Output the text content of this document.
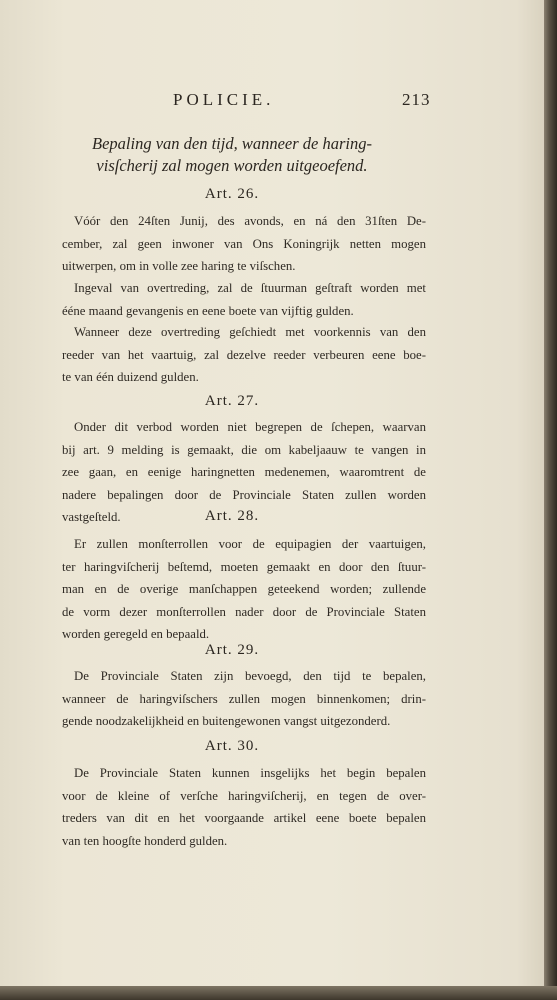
POLICIE.	213
Bepaling van den tijd, wanneer de haring-
visſcherij zal mogen worden uitgeoefend.
Art. 26.
Vóór den 24ſten Junij, des avonds, en ná den 31ſten De-
cember, zal geen inwoner van Ons Koningrijk netten mogen
uitwerpen, om in volle zee haring te viſschen.
Ingeval van overtreding, zal de ſtuurman geſtraft worden met
ééne maand gevangenis en eene boete van vijftig gulden.
Wanneer deze overtreding geſchiedt met voorkennis van den
reeder van het vaartuig, zal dezelve reeder verbeuren eene boe-
te van één duizend gulden.
Art. 27.
Onder dit verbod worden niet begrepen de ſchepen, waarvan
bij art. 9 melding is gemaakt, die om kabeljaauw te vangen in
zee gaan, en eenige haringnetten medenemen, waaromtrent de
nadere bepalingen door de Provinciale Staten zullen worden
vastgeſteld.	Art. 28.
Er zullen monſterrollen voor de equipagien der vaartuigen,
ter haringviſcherij beſtemd, moeten gemaakt en door den ſtuur-
man en de overige manſchappen geteekend worden; zullende
de vorm dezer monſterrollen nader door de Provinciale Staten
worden geregeld en bepaald.
Art. 29.
De Provinciale Staten zijn bevoegd, den tijd te bepalen,
wanneer de haringviſschers zullen mogen binnenkomen; drin-
gende noodzakelijkheid en buitengewonen vangst uitgezonderd.
Art. 30.
De Provinciale Staten kunnen insgelijks het begin bepalen
voor de kleine of verſche haringviſcherij, en tegen de over-
treders van dit en het voorgaande artikel eene boete bepalen
van ten hoogſte honderd gulden.
